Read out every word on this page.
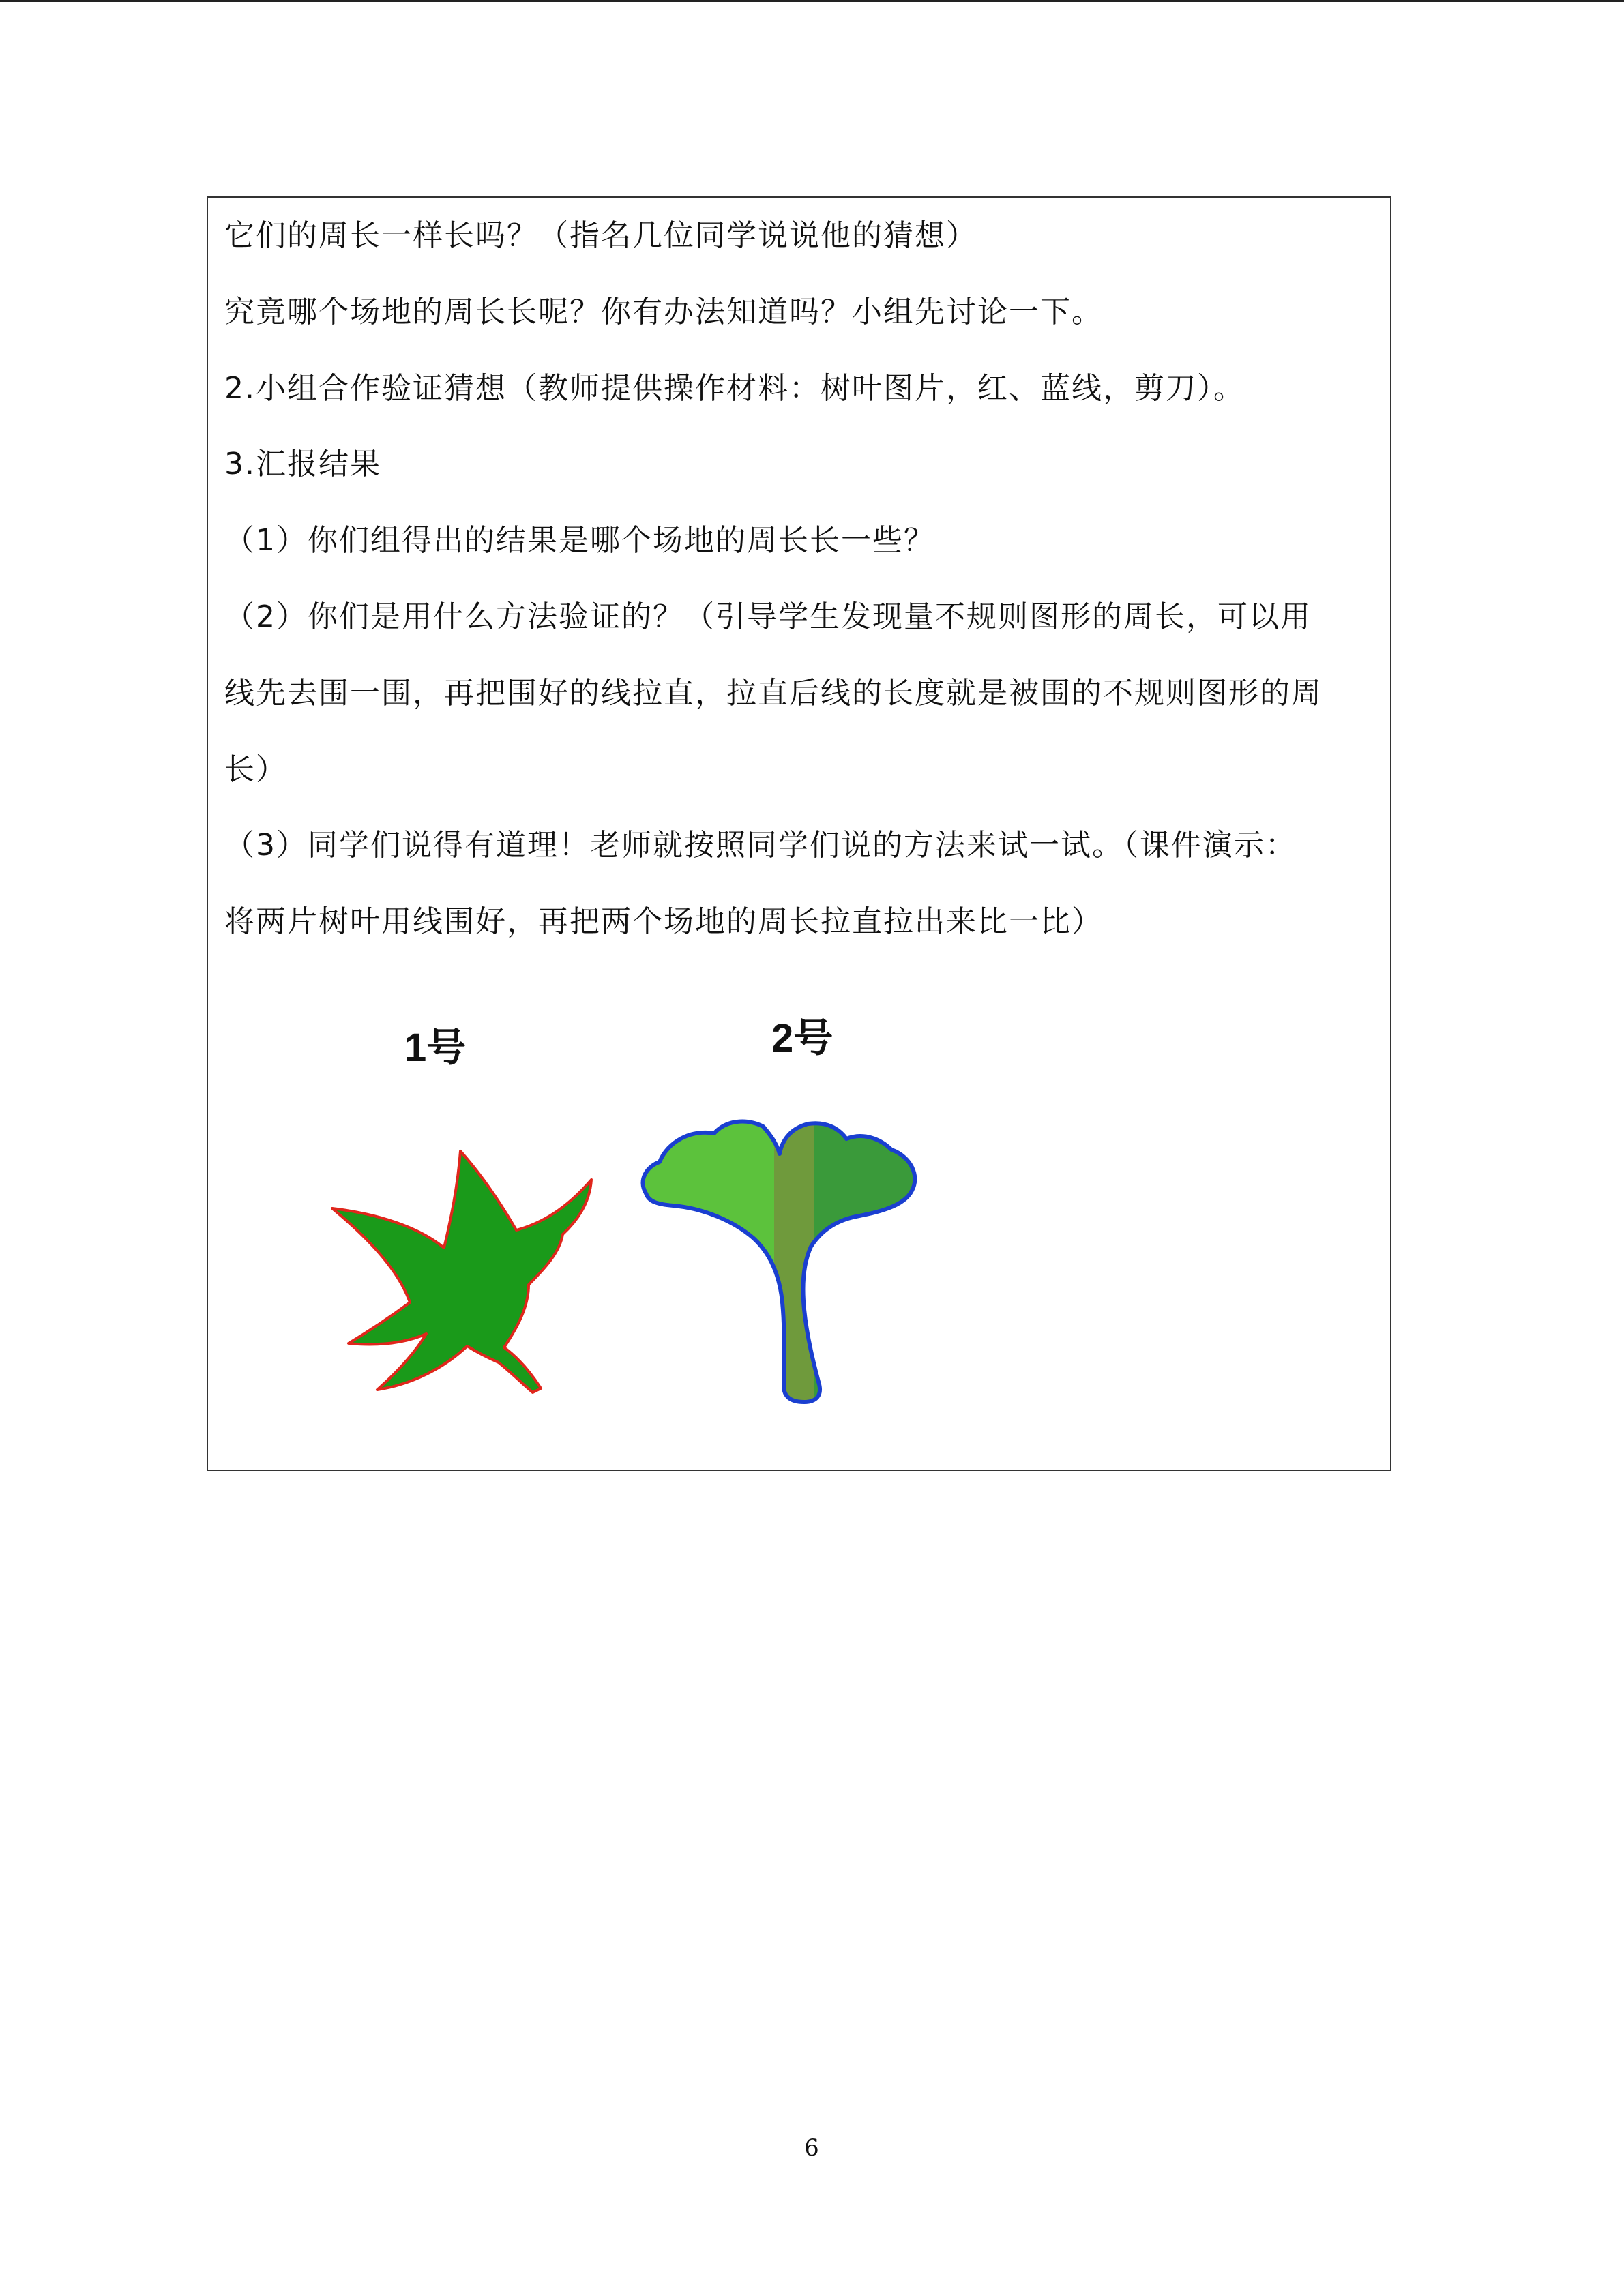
它们的周长一样长吗？（指名几位同学说说他的猜想）
究竟哪个场地的周长长呢？你有办法知道吗？小组先讨论一下。
2.小组合作验证猜想（教师提供操作材料：树叶图片，红、蓝线，剪刀）。
3.汇报结果
（1）你们组得出的结果是哪个场地的周长长一些？
（2）你们是用什么方法验证的？（引导学生发现量不规则图形的周长，可以用
线先去围一围，再把围好的线拉直，拉直后线的长度就是被围的不规则图形的周
长）
（3）同学们说得有道理！老师就按照同学们说的方法来试一试。（课件演示：
将两片树叶用线围好，再把两个场地的周长拉直拉出来比一比）
1号	2号
6
